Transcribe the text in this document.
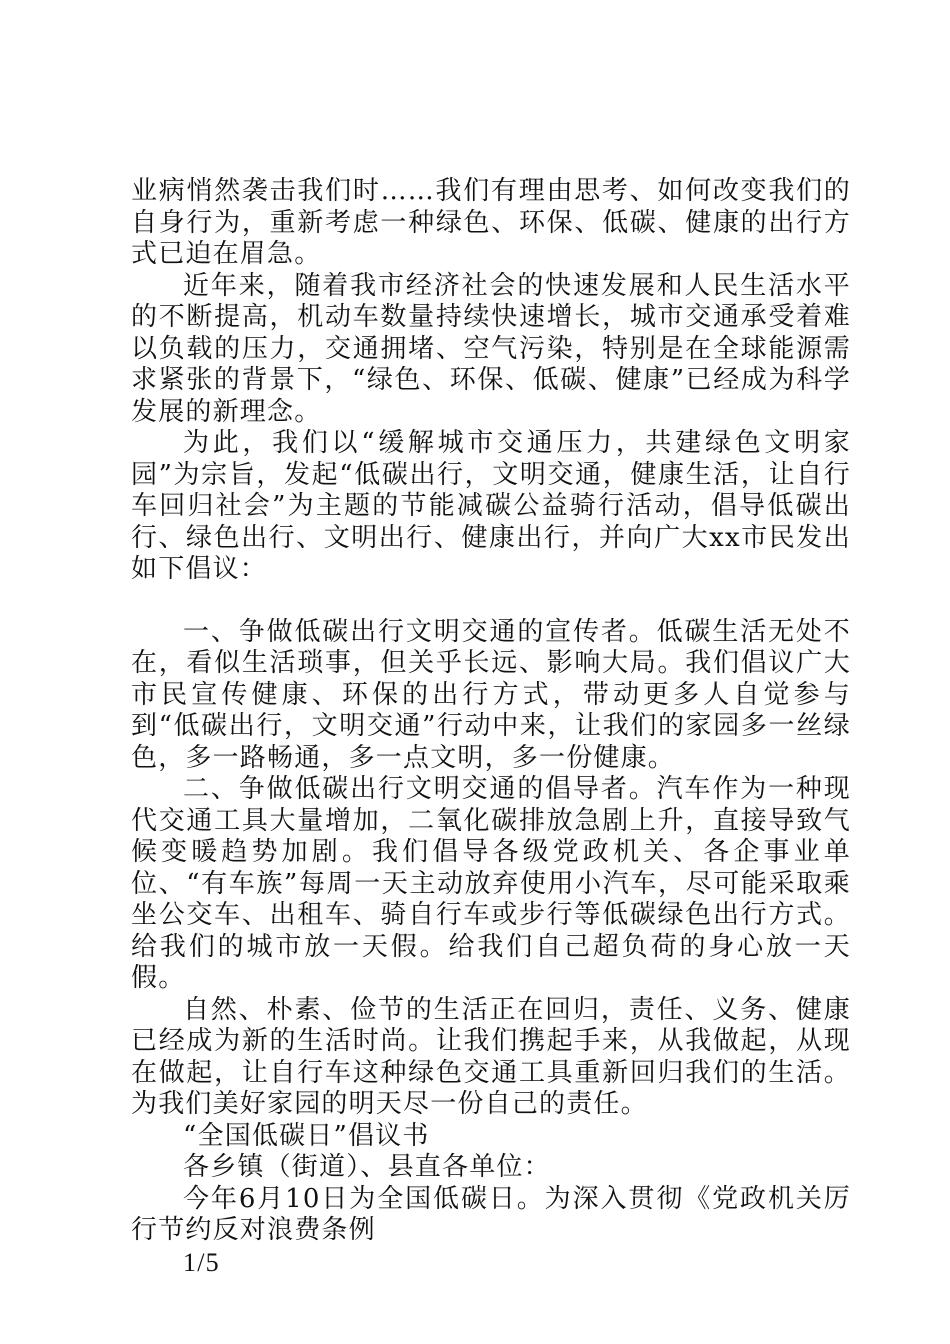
业病悄然袭击我们时……我们有理由思考、如何改变我们的自身行为，重新考虑一种绿色、环保、低碳、健康的出行方式已迫在眉急。

近年来，随着我市经济社会的快速发展和人民生活水平的不断提高，机动车数量持续快速增长，城市交通承受着难以负载的压力，交通拥堵、空气污染，特别是在全球能源需求紧张的背景下，“绿色、环保、低碳、健康”已经成为科学发展的新理念。

为此，我们以“缓解城市交通压力，共建绿色文明家园”为宗旨，发起“低碳出行，文明交通，健康生活，让自行车回归社会”为主题的节能减碳公益骑行活动，倡导低碳出行、绿色出行、文明出行、健康出行，并向广大xx市民发出如下倡议：

一、争做低碳出行文明交通的宣传者。低碳生活无处不在，看似生活琐事，但关乎长远、影响大局。我们倡议广大市民宣传健康、环保的出行方式，带动更多人自觉参与到“低碳出行，文明交通”行动中来，让我们的家园多一丝绿色，多一路畅通，多一点文明，多一份健康。

二、争做低碳出行文明交通的倡导者。汽车作为一种现代交通工具大量增加，二氧化碳排放急剧上升，直接导致气候变暖趋势加剧。我们倡导各级党政机关、各企事业单位、“有车族”每周一天主动放弃使用小汽车，尽可能采取乘坐公交车、出租车、骑自行车或步行等低碳绿色出行方式。给我们的城市放一天假。给我们自己超负荷的身心放一天假。

自然、朴素、俭节的生活正在回归，责任、义务、健康已经成为新的生活时尚。让我们携起手来，从我做起，从现在做起，让自行车这种绿色交通工具重新回归我们的生活。为我们美好家园的明天尽一份自己的责任。

“全国低碳日”倡议书

各乡镇（街道）、县直各单位：

今年6月10日为全国低碳日。为深入贯彻《党政机关厉行节约反对浪费条例

1/5
